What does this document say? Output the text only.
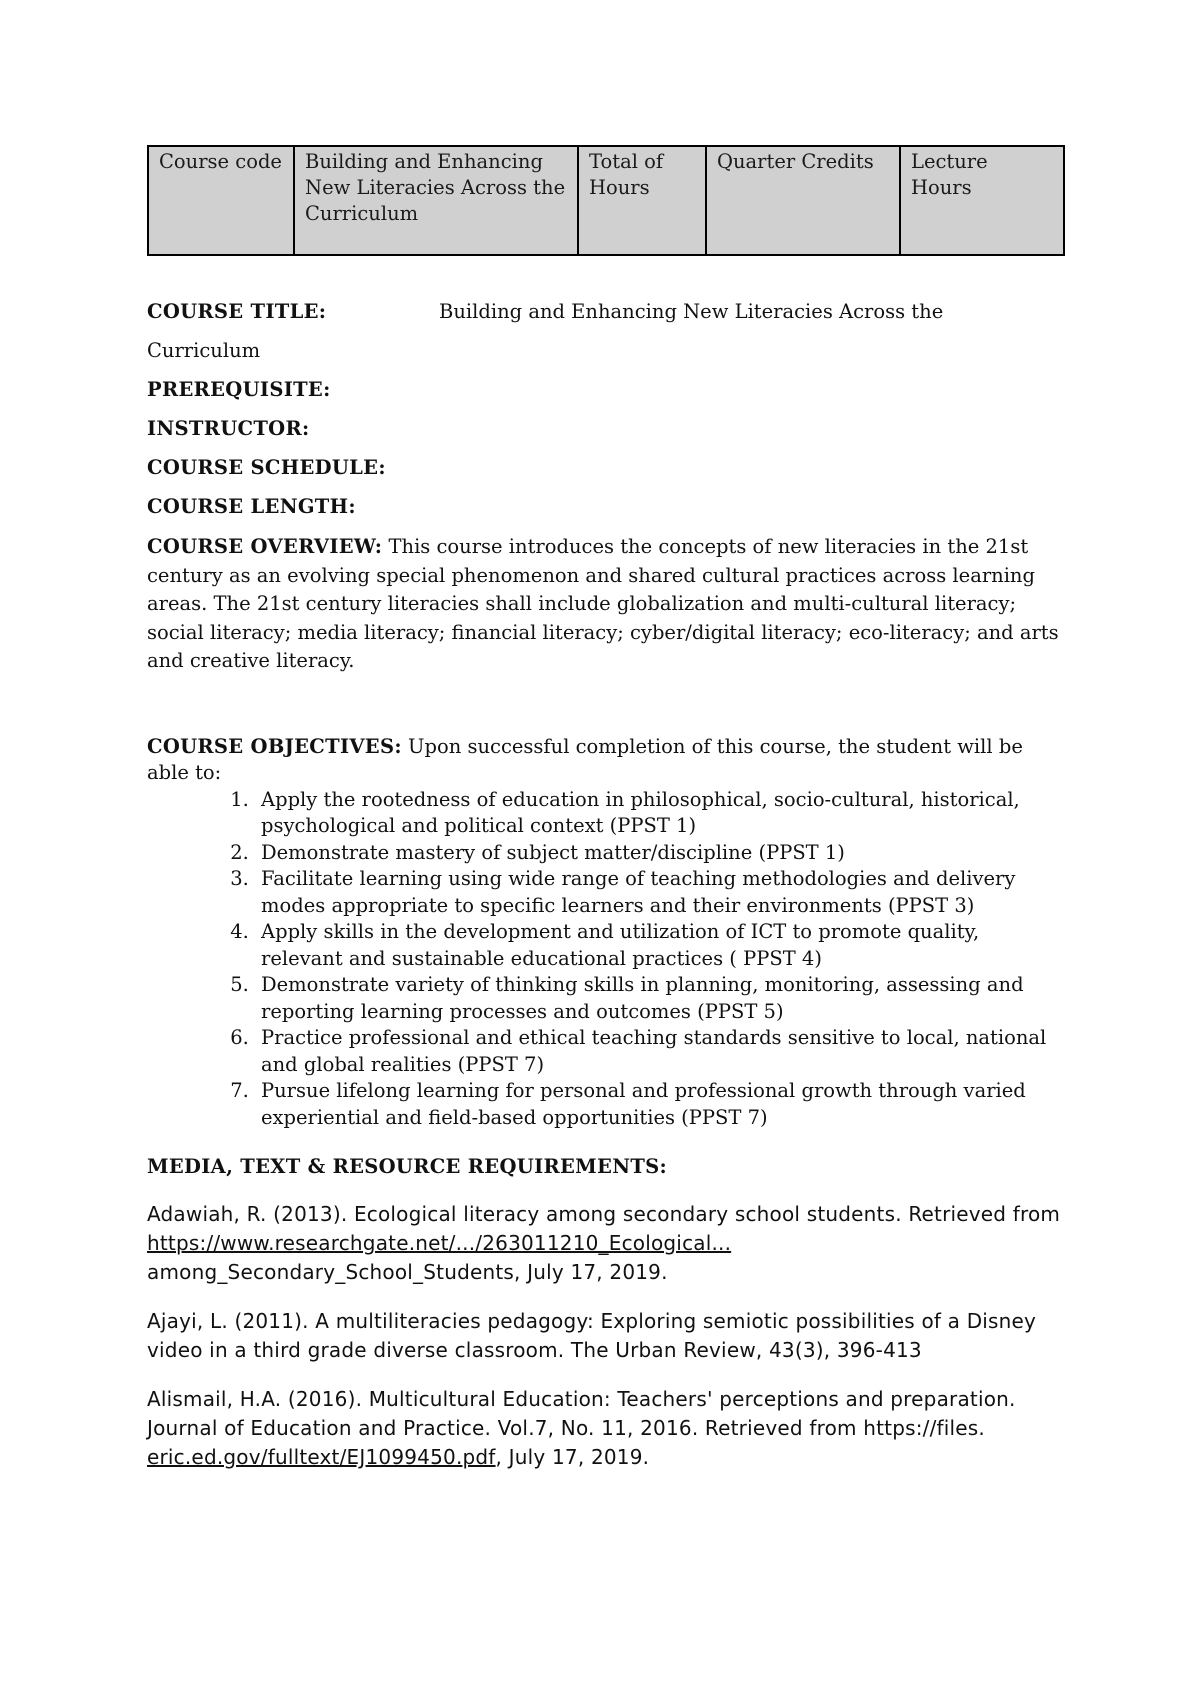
Course code	Building and Enhancing New Literacies Across the Curriculum	Total of Hours	Quarter Credits	Lecture Hours

COURSE TITLE:	Building and Enhancing New Literacies Across the

Curriculum

PREREQUISITE:

INSTRUCTOR:

COURSE SCHEDULE:

COURSE LENGTH:

COURSE OVERVIEW: This course introduces the concepts of new literacies in the 21st century as an evolving special phenomenon and shared cultural practices across learning areas. The 21st century literacies shall include globalization and multi-cultural literacy; social literacy; media literacy; financial literacy; cyber/digital literacy; eco-literacy; and arts and creative literacy.

COURSE OBJECTIVES: Upon successful completion of this course, the student will be able to:

1. Apply the rootedness of education in philosophical, socio-cultural, historical, psychological and political context (PPST 1)
2. Demonstrate mastery of subject matter/discipline (PPST 1)
3. Facilitate learning using wide range of teaching methodologies and delivery modes appropriate to specific learners and their environments (PPST 3)
4. Apply skills in the development and utilization of ICT to promote quality, relevant and sustainable educational practices ( PPST 4)
5. Demonstrate variety of thinking skills in planning, monitoring, assessing and reporting learning processes and outcomes (PPST 5)
6. Practice professional and ethical teaching standards sensitive to local, national and global realities (PPST 7)
7. Pursue lifelong learning for personal and professional growth through varied experiential and field-based opportunities (PPST 7)

MEDIA, TEXT & RESOURCE REQUIREMENTS:

Adawiah, R. (2013). Ecological literacy among secondary school students. Retrieved from https://www.researchgate.net/.../263011210_Ecological... among_Secondary_School_Students, July 17, 2019.

Ajayi, L. (2011). A multiliteracies pedagogy: Exploring semiotic possibilities of a Disney video in a third grade diverse classroom. The Urban Review, 43(3), 396-413

Alismail, H.A. (2016). Multicultural Education: Teachers' perceptions and preparation. Journal of Education and Practice. Vol.7, No. 11, 2016. Retrieved from https://files. eric.ed.gov/fulltext/EJ1099450.pdf, July 17, 2019.
